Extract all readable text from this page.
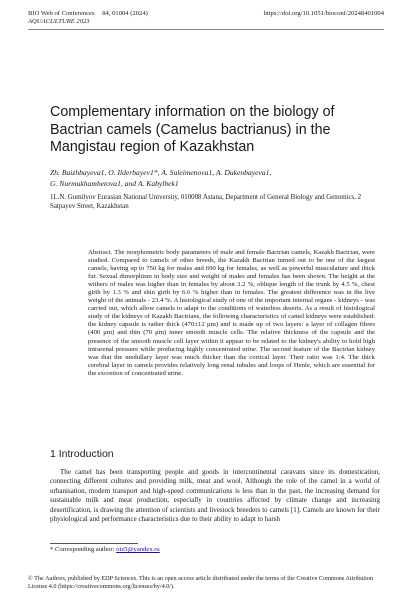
BIO Web of Conferences 84, 01004 (2024)	https://doi.org/10.1051/bioconf/20248401004
AQUACULTURE 2023
Complementary information on the biology of Bactrian camels (Camelus bactrianus) in the Mangistau region of Kazakhstan
Zh. Baizhbayeva1, O. Ilderbayev1*, A. Suleimenova1, A. Dukenbayeva1,
G. Nurmukhambetova1, and A. Kabylbek1
1L.N. Gumilyov Eurasian National University, 010008 Astana, Department of General Biology and Genomics, 2 Satpayev Street, Kazakhstan

Abstract. The morphometric body parameters of male and female Bactrian camels, Kazakh Bactrian, were studied. Compared to camels of other breeds, the Kazakh Bactrian turned out to be one of the largest camels, having up to 750 kg for males and 690 kg for females, as well as powerful musculature and thick fur. Sexual dimorphism in body size and weight of males and females has been shown. The height at the withers of males was higher than in females by about 3.2 %, oblique length of the trunk by 4.5 %, chest girth by 1.3 % and shin girth by 6.6 % higher than in females. The greatest difference was in the live weight of the animals - 23.4 %. A histological study of one of the important internal organs - kidneys - was carried out, which allow camels to adapt to the conditions of waterless deserts. As a result of histological study of the kidneys of Kazakh Bactrians, the following characteristics of camel kidneys were established: the kidney capsule is rather thick (470±12 μm) and is made up of two layers: a layer of collagen fibres (400 μm) and thin (70 μm) inner smooth muscle cells. The relative thickness of the capsule and the presence of the smooth muscle cell layer within it appear to be related to the kidney's ability to hold high intrarenal pressure while producing highly concentrated urine. The second feature of the Bactrian kidney was that the medullary layer was much thicker than the cortical layer. Their ratio was 1:4. The thick cerebral layer in camels provides relatively long renal tubules and loops of Henle, which are essential for the excretion of concentrated urine.

1 Introduction

The camel has been transporting people and goods in intercontinental caravans since its domestication, connecting different cultures and providing milk, meat and wool. Although the role of the camel in a world of urbanisation, modern transport and high-speed communications is less than in the past, the increasing demand for sustainable milk and meat production, especially in countries affected by climate change and increasing desertification, is drawing the attention of scientists and livestock breeders to camels [1]. Camels are known for their physiological and performance characteristics due to their ability to adapt to harsh

* Corresponding author: oiz5@yandex.ru
© The Authors, published by EDP Sciences. This is an open access article distributed under the terms of the Creative Commons Attribution License 4.0 (https://creativecommons.org/licenses/by/4.0/).
